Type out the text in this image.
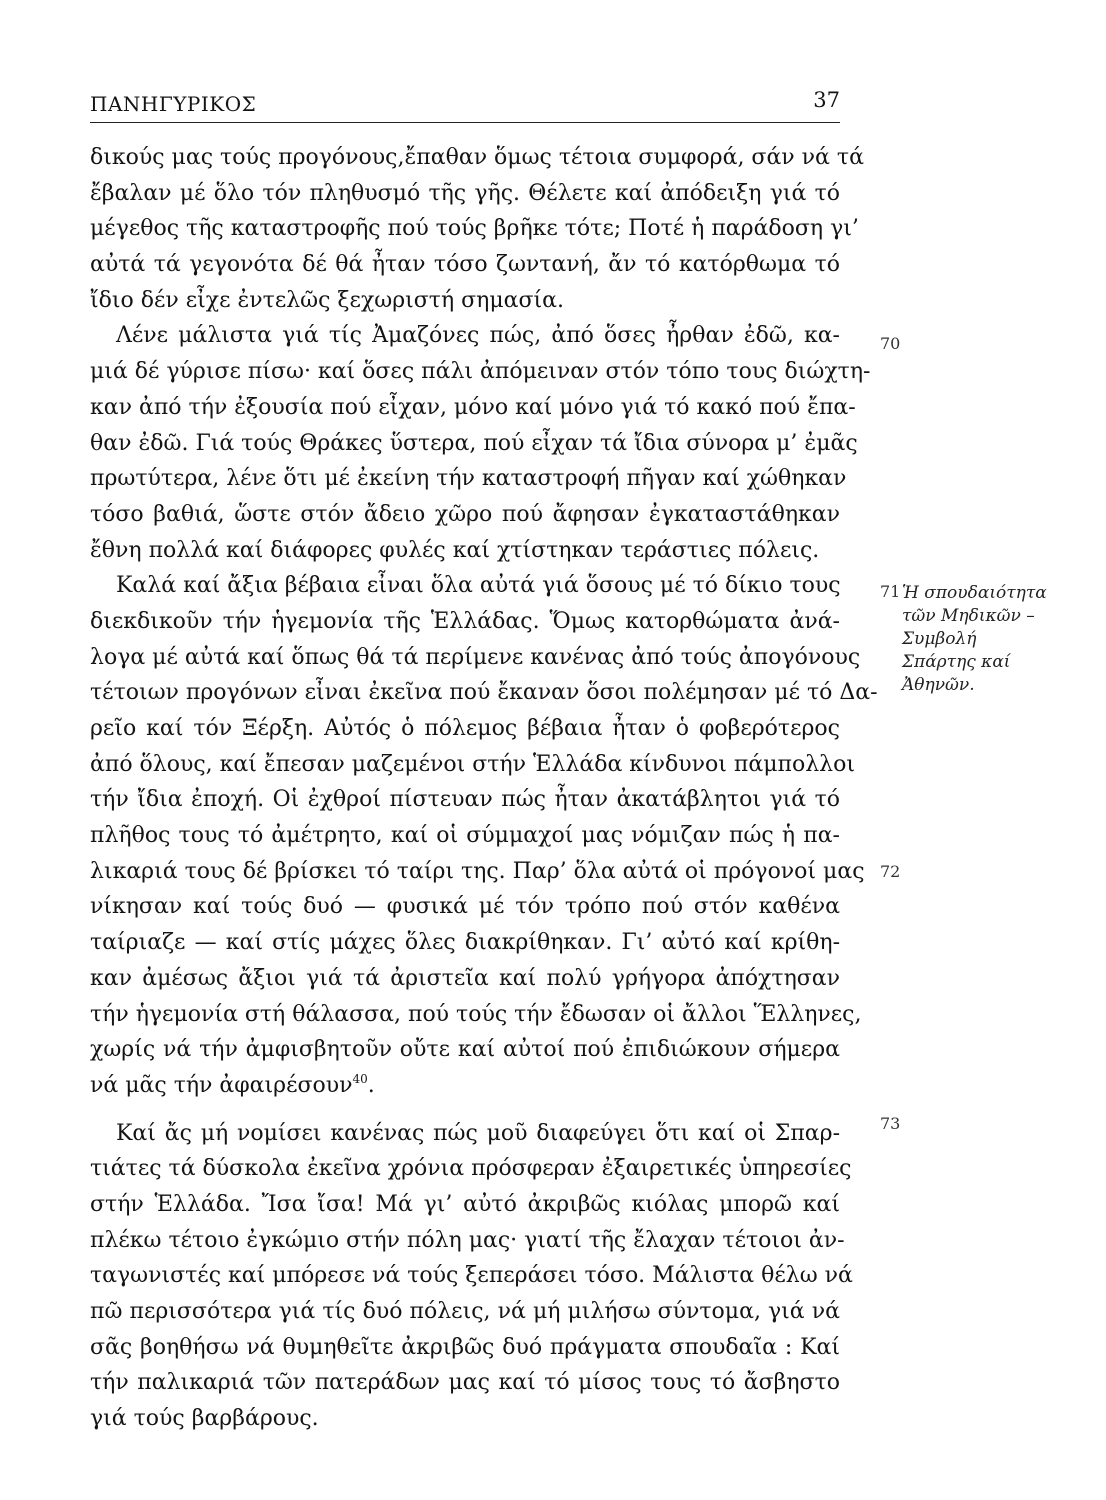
ΠΑΝΗΓΥΡΙΚΟΣ	37
δικούς μας τούς προγόνους,ἔπαθαν ὅμως τέτοια συμφορά, σάν νά τά
ἔβαλαν μέ ὅλο τόν πληθυσμό τῆς γῆς. Θέλετε καί ἀπόδειξη γιά τό
μέγεθος τῆς καταστροφῆς πού τούς βρῆκε τότε; Ποτέ ἡ παράδοση γι’
αὐτά τά γεγονότα δέ θά ἦταν τόσο ζωντανή, ἄν τό κατόρθωμα τό
ἴδιο δέν εἶχε ἐντελῶς ξεχωριστή σημασία.
Λένε μάλιστα γιά τίς Ἀμαζόνες πώς, ἀπό ὅσες ἦρθαν ἐδῶ, κα-
μιά δέ γύρισε πίσω· καί ὅσες πάλι ἀπόμειναν στόν τόπο τους διώχτη-
καν ἀπό τήν ἐξουσία πού εἶχαν, μόνο καί μόνο γιά τό κακό πού ἔπα-
θαν ἐδῶ. Γιά τούς Θράκες ὕστερα, πού εἶχαν τά ἴδια σύνορα μ’ ἐμᾶς
πρωτύτερα, λένε ὅτι μέ ἐκείνη τήν καταστροφή πῆγαν καί χώθηκαν
τόσο βαθιά, ὥστε στόν ἄδειο χῶρο πού ἄφησαν ἐγκαταστάθηκαν
ἔθνη πολλά καί διάφορες φυλές καί χτίστηκαν τεράστιες πόλεις.
Καλά καί ἄξια βέβαια εἶναι ὅλα αὐτά γιά ὅσους μέ τό δίκιο τους
διεκδικοῦν τήν ἡγεμονία τῆς Ἑλλάδας. Ὅμως κατορθώματα ἀνά-
λογα μέ αὐτά καί ὅπως θά τά περίμενε κανένας ἀπό τούς ἀπογόνους
τέτοιων προγόνων εἶναι ἐκεῖνα πού ἔκαναν ὅσοι πολέμησαν μέ τό Δα-
ρεῖο καί τόν Ξέρξη. Αὐτός ὁ πόλεμος βέβαια ἦταν ὁ φοβερότερος
ἀπό ὅλους, καί ἔπεσαν μαζεμένοι στήν Ἑλλάδα κίνδυνοι πάμπολλοι
τήν ἴδια ἐποχή. Οἱ ἐχθροί πίστευαν πώς ἦταν ἀκατάβλητοι γιά τό
πλῆθος τους τό ἀμέτρητο, καί οἱ σύμμαχοί μας νόμιζαν πώς ἡ πα-
λικαριά τους δέ βρίσκει τό ταίρι της. Παρ’ ὅλα αὐτά οἱ πρόγονοί μας
νίκησαν καί τούς δυό — φυσικά μέ τόν τρόπο πού στόν καθένα
ταίριαζε — καί στίς μάχες ὅλες διακρίθηκαν. Γι’ αὐτό καί κρίθη-
καν ἀμέσως ἄξιοι γιά τά ἀριστεῖα καί πολύ γρήγορα ἀπόχτησαν
τήν ἡγεμονία στή θάλασσα, πού τούς τήν ἔδωσαν οἱ ἄλλοι Ἕλληνες,
χωρίς νά τήν ἀμφισβητοῦν οὔτε καί αὐτοί πού ἐπιδιώκουν σήμερα
νά μᾶς τήν ἀφαιρέσουν$^{40}$.
Καί ἄς μή νομίσει κανένας πώς μοῦ διαφεύγει ὅτι καί οἱ Σπαρ-
τιάτες τά δύσκολα ἐκεῖνα χρόνια πρόσφεραν ἐξαιρετικές ὑπηρεσίες
στήν Ἑλλάδα. Ἴσα ἴσα! Μά γι’ αὐτό ἀκριβῶς κιόλας μπορῶ καί
πλέκω τέτοιο ἐγκώμιο στήν πόλη μας· γιατί τῆς ἔλαχαν τέτοιοι ἀν-
ταγωνιστές καί μπόρεσε νά τούς ξεπεράσει τόσο. Μάλιστα θέλω νά
πῶ περισσότερα γιά τίς δυό πόλεις, νά μή μιλήσω σύντομα, γιά νά
σᾶς βοηθήσω νά θυμηθεῖτε ἀκριβῶς δυό πράγματα σπουδαῖα : Καί
τήν παλικαριά τῶν πατεράδων μας καί τό μίσος τους τό ἄσβηστο
γιά τούς βαρβάρους.
70
71
72
73
Ἡ σπουδαιότητα τῶν Μηδικῶν – Συμβολή Σπάρτης καί Ἀθηνῶν.
